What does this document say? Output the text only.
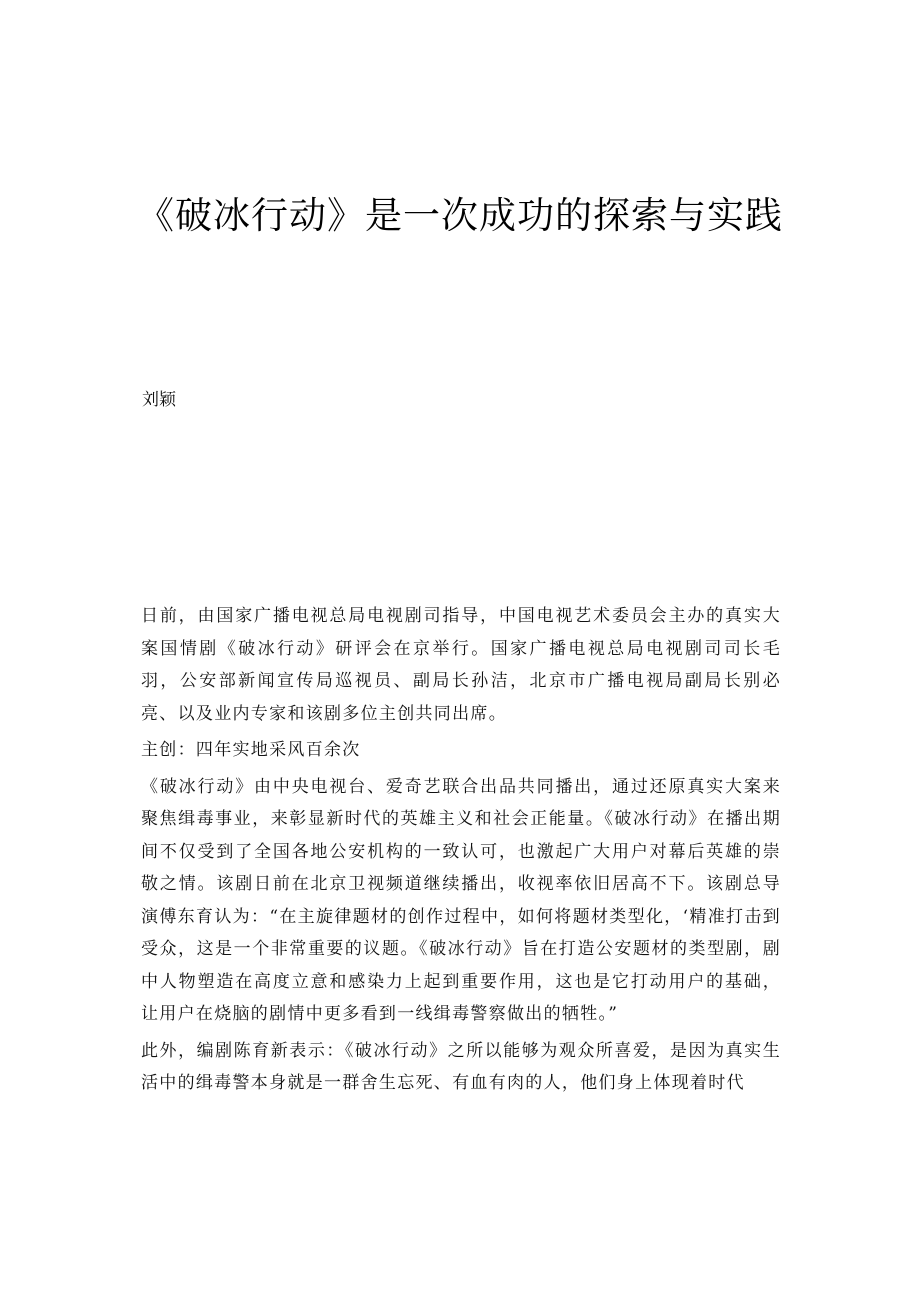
《破冰行动》是一次成功的探索与实践
刘颖

日前，由国家广播电视总局电视剧司指导，中国电视艺术委员会主办的真实大案国情剧《破冰行动》研评会在京举行。国家广播电视总局电视剧司司长毛羽，公安部新闻宣传局巡视员、副局长孙洁，北京市广播电视局副局长别必亮、以及业内专家和该剧多位主创共同出席。

主创：四年实地采风百余次

《破冰行动》由中央电视台、爱奇艺联合出品共同播出，通过还原真实大案来聚焦缉毒事业，来彰显新时代的英雄主义和社会正能量。《破冰行动》在播出期间不仅受到了全国各地公安机构的一致认可，也激起广大用户对幕后英雄的崇敬之情。该剧日前在北京卫视频道继续播出，收视率依旧居高不下。该剧总导演傅东育认为：“在主旋律题材的创作过程中，如何将题材类型化，‘精准打击到受众，这是一个非常重要的议题。《破冰行动》旨在打造公安题材的类型剧，剧中人物塑造在高度立意和感染力上起到重要作用，这也是它打动用户的基础，让用户在烧脑的剧情中更多看到一线缉毒警察做出的牺牲。”

此外，编剧陈育新表示：《破冰行动》之所以能够为观众所喜爱，是因为真实生活中的缉毒警本身就是一群舍生忘死、有血有肉的人，他们身上体现着时代
